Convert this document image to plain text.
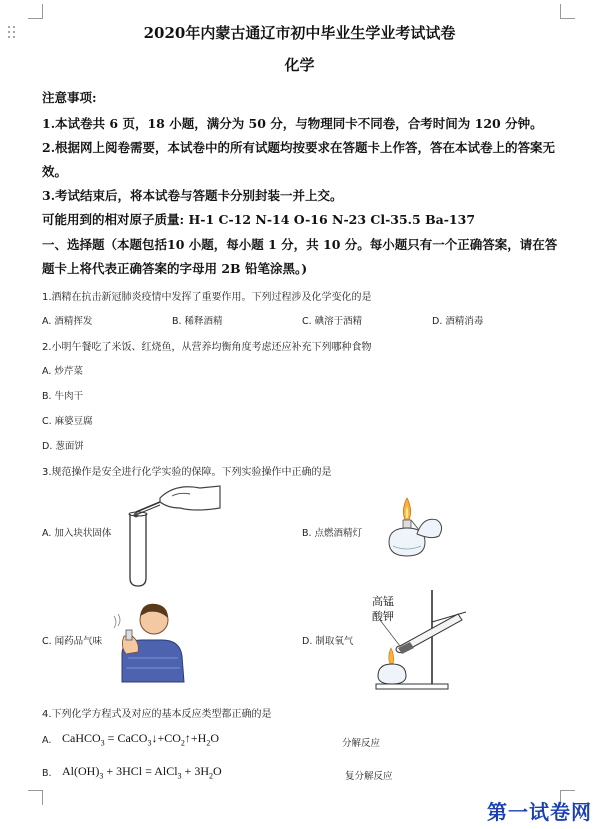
2020年内蒙古通辽市初中毕业生学业考试试卷
化学
注意事项:
1.本试卷共 6 页，18 小题，满分为 50 分，与物理同卡不同卷，合考时间为 120 分钟。
2.根据网上阅卷需要，本试卷中的所有试题均按要求在答题卡上作答，答在本试卷上的答案无
效。
3.考试结束后，将本试卷与答题卡分别封装一并上交。
可能用到的相对原子质量: H-1 C-12 N-14 O-16 N-23 Cl-35.5 Ba-137
一、选择题（本题包括10 小题，每小题 1 分，共 10 分。每小题只有一个正确答案，请在答
题卡上将代表正确答案的字母用 2B 铅笔涂黑。)
1.酒精在抗击新冠肺炎疫情中发挥了重要作用。下列过程涉及化学变化的是
A. 酒精挥发	B. 稀释酒精	C. 碘溶于酒精	D. 酒精消毒
2.小明午餐吃了米饭、红烧鱼，从营养均衡角度考虑还应补充下列哪种食物
A. 炒芹菜
B. 牛肉干
C. 麻婆豆腐
D. 葱面饼
3.规范操作是安全进行化学实验的保障。下列实验操作中正确的是
A. 加入块状固体	B. 点燃酒精灯
C. 闻药品气味
高锰
酸钾
D. 制取氧气
4.下列化学方程式及对应的基本反应类型都正确的是
A. CaHCO$_3$ = $CaCO_3↓+CO_2↑+H_2O$	分解反应
B. $Al(OH)_3 + 3HCl$ = AlCl$_3$ + $3H_2O$	复分解反应
第一试卷网
